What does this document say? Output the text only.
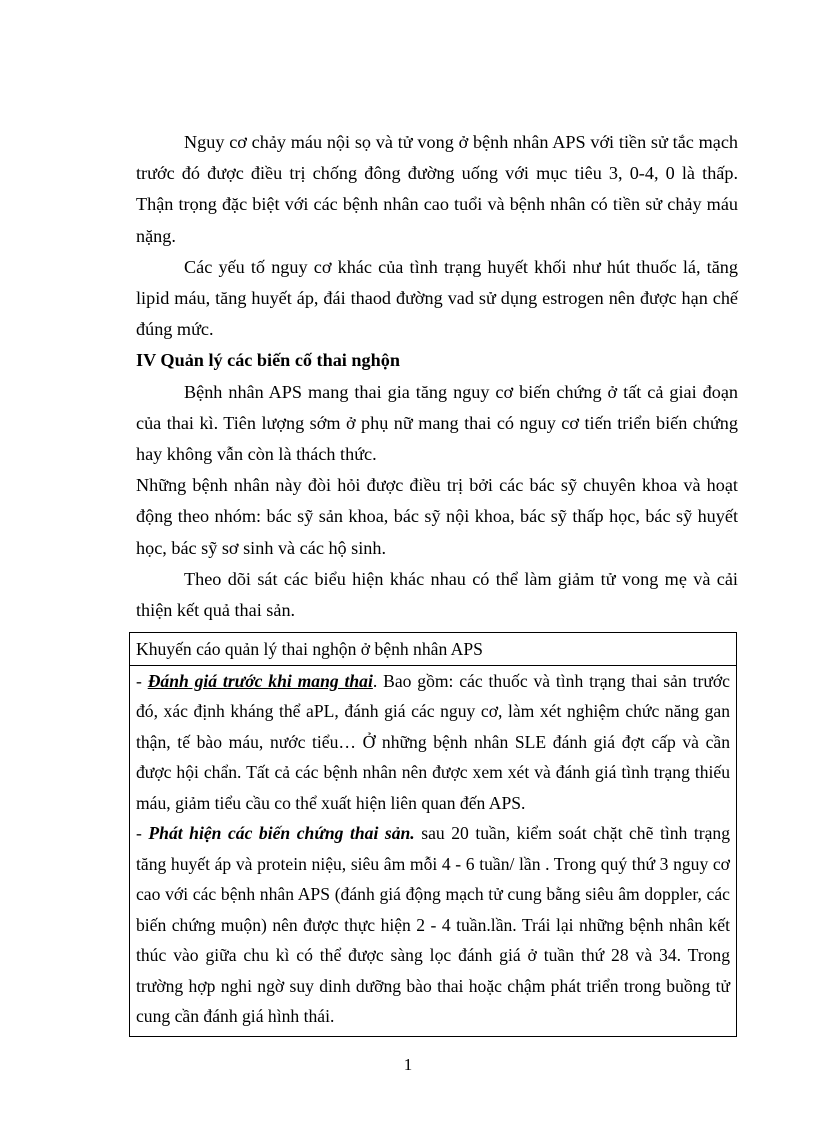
Nguy cơ chảy máu nội sọ và tử vong ở bệnh nhân APS với tiền sử tắc mạch trước đó được điều trị chống đông đường uống với mục tiêu 3, 0-4, 0 là thấp. Thận trọng đặc biệt với các bệnh nhân cao tuổi và bệnh nhân có tiền sử chảy máu nặng.

Các yếu tố nguy cơ khác của tình trạng huyết khối như hút thuốc lá, tăng lipid máu, tăng huyết áp, đái thaod đường vad sử dụng estrogen nên được hạn chế đúng mức.

IV Quản lý các biến cố thai nghộn

Bệnh nhân APS mang thai gia tăng nguy cơ biến chứng ở tất cả giai đoạn của thai kì. Tiên lượng sớm ở phụ nữ mang thai có nguy cơ tiến triển biến chứng hay không vẫn còn là thách thức.

Những bệnh nhân này đòi hỏi được điều trị bởi các bác sỹ chuyên khoa và hoạt động theo nhóm: bác sỹ sản khoa, bác sỹ nội khoa, bác sỹ thấp học, bác sỹ huyết học, bác sỹ sơ sinh và các hộ sinh.

Theo dõi sát các biểu hiện khác nhau có thể làm giảm tử vong mẹ và cải thiện kết quả thai sản.

Khuyến cáo quản lý thai nghộn ở bệnh nhân APS

- Đánh giá trước khi mang thai. Bao gồm: các thuốc và tình trạng thai sản trước đó, xác định kháng thể aPL, đánh giá các nguy cơ, làm xét nghiệm chức năng gan thận, tế bào máu, nước tiểu… Ở những bệnh nhân SLE đánh giá đợt cấp và cần được hội chẩn. Tất cả các bệnh nhân nên được xem xét và đánh giá tình trạng thiếu máu, giảm tiểu cầu co thể xuất hiện liên quan đến APS.

- Phát hiện các biến chứng thai sản. sau 20 tuần, kiểm soát chặt chẽ tình trạng tăng huyết áp và protein niệu, siêu âm mỗi 4 - 6 tuần/ lần . Trong quý thứ 3 nguy cơ cao với các bệnh nhân APS (đánh giá động mạch tử cung bằng siêu âm doppler, các biến chứng muộn) nên được thực hiện 2 - 4 tuần.lần. Trái lại những bệnh nhân kết thúc vào giữa chu kì có thể được sàng lọc đánh giá ở tuần thứ 28 và 34. Trong trường hợp nghi ngờ suy dinh dưỡng bào thai hoặc chậm phát triển trong buồng tử cung cần đánh giá hình thái.

1
